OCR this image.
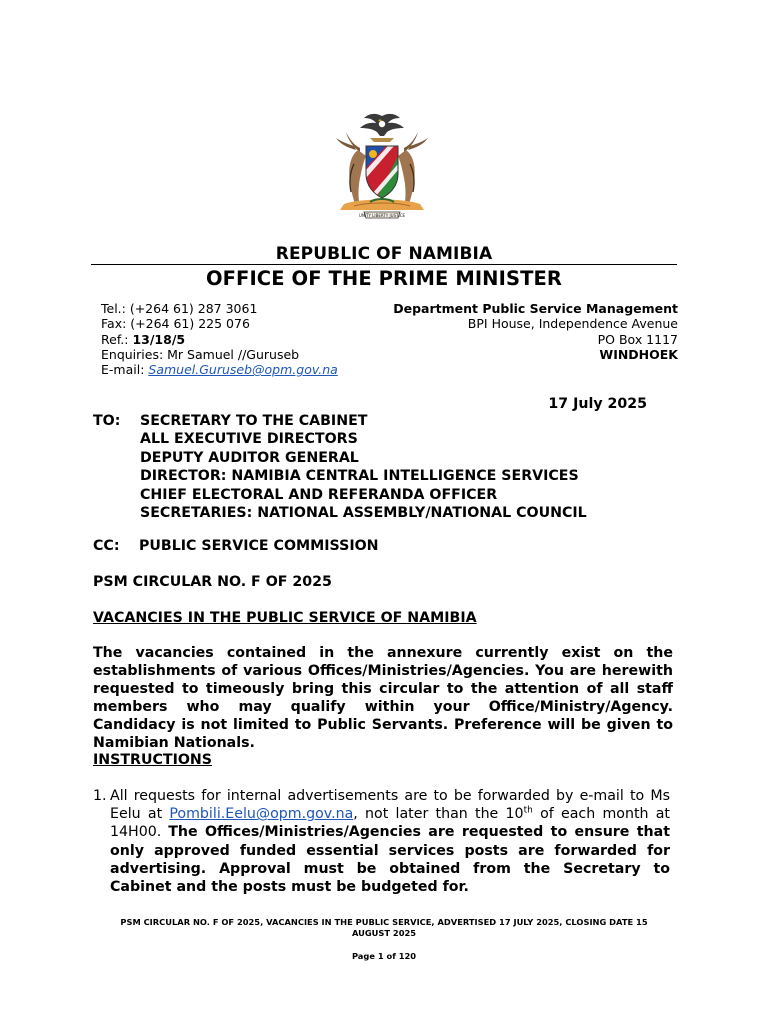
UNITY LIBERTY JUSTICE
REPUBLIC OF NAMIBIA
OFFICE OF THE PRIME MINISTER
Tel.: (+264 61) 287 3061
Fax: (+264 61) 225 076
Ref.: 13/18/5
Enquiries: Mr Samuel //Guruseb
E-mail: Samuel.Guruseb@opm.gov.na
Department Public Service Management
BPI House, Independence Avenue
PO Box 1117
WINDHOEK
17 July 2025
TO:	SECRETARY TO THE CABINET
ALL EXECUTIVE DIRECTORS
DEPUTY AUDITOR GENERAL
DIRECTOR: NAMIBIA CENTRAL INTELLIGENCE SERVICES
CHIEF ELECTORAL AND REFERANDA OFFICER
SECRETARIES: NATIONAL ASSEMBLY/NATIONAL COUNCIL
CC: PUBLIC SERVICE COMMISSION
PSM CIRCULAR NO. F OF 2025
VACANCIES IN THE PUBLIC SERVICE OF NAMIBIA
The vacancies contained in the annexure currently exist on the establishments of various Offices/Ministries/Agencies. You are herewith requested to timeously bring this circular to the attention of all staff members who may qualify within your Office/Ministry/Agency. Candidacy is not limited to Public Servants. Preference will be given to Namibian Nationals.
INSTRUCTIONS
1. All requests for internal advertisements are to be forwarded by e-mail to Ms Eelu at Pombili.Eelu@opm.gov.na, not later than the 10th of each month at 14H00. The Offices/Ministries/Agencies are requested to ensure that only approved funded essential services posts are forwarded for advertising. Approval must be obtained from the Secretary to Cabinet and the posts must be budgeted for.
PSM CIRCULAR NO. F OF 2025, VACANCIES IN THE PUBLIC SERVICE, ADVERTISED 17 JULY 2025, CLOSING DATE 15 AUGUST 2025
Page 1 of 120
